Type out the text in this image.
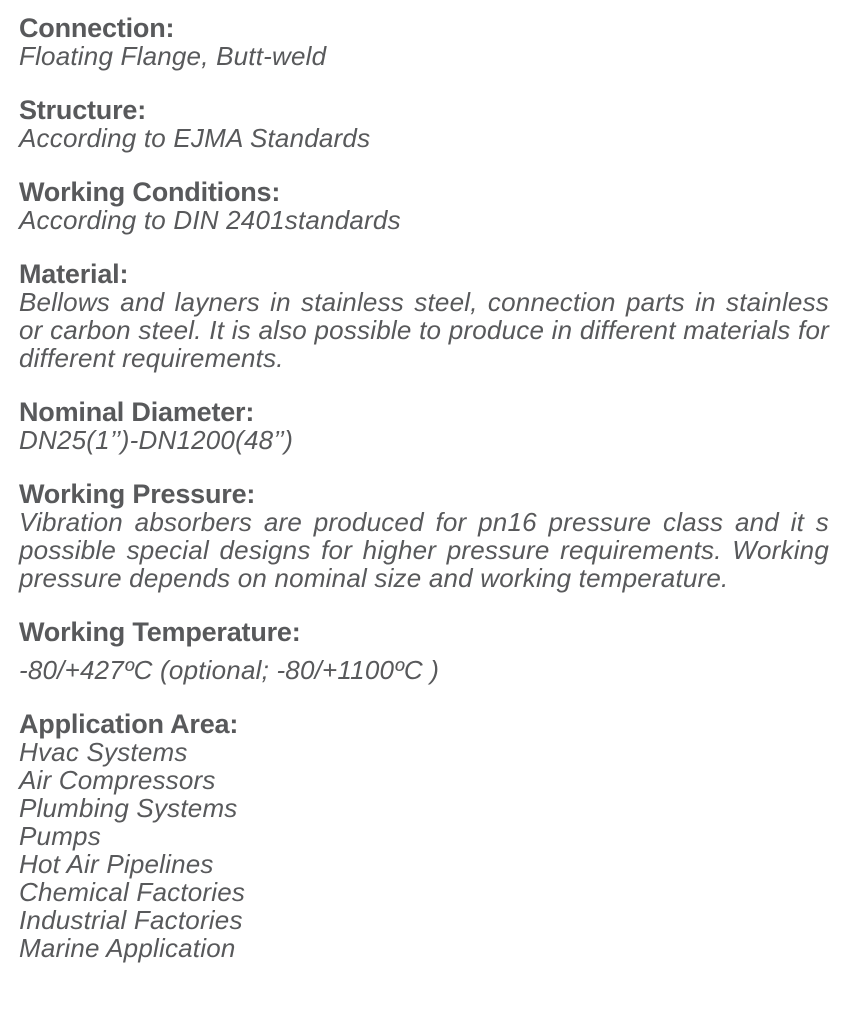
Connection:

Floating Flange, Butt-weld

Structure:

According to EJMA Standards

Working Conditions:

According to DIN 2401standards

Material:

Bellows and layners in stainless steel, connection parts in stainless or carbon steel. It is also possible to produce in different materials for different requirements.

Nominal Diameter:

DN25(1’’)-DN1200(48’’)

Working Pressure:

Vibration absorbers are produced for pn16 pressure class and it s possible special designs for higher pressure requirements. Working pressure depends on nominal size and working temperature.

Working Temperature:

-80/+427ºC (optional; -80/+1100ºC )

Application Area:

Hvac Systems
Air Compressors
Plumbing Systems
Pumps
Hot Air Pipelines
Chemical Factories
Industrial Factories
Marine Application
